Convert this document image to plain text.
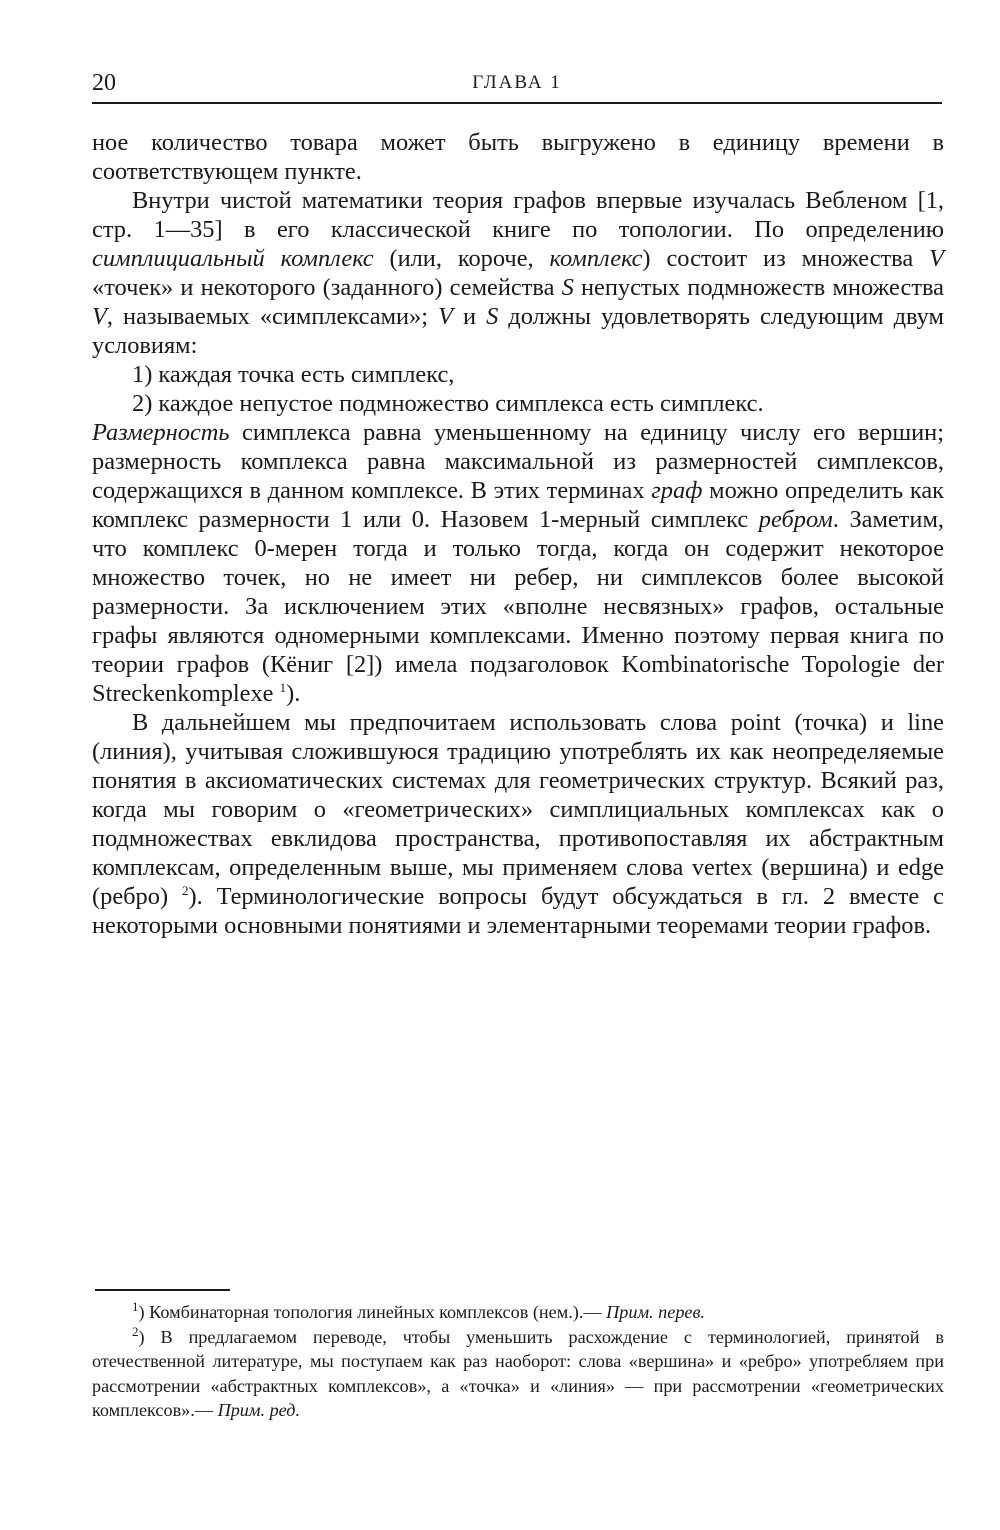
20	ГЛАВА 1

ное количество товара может быть выгружено в единицу времени в соответствующем пункте.

Внутри чистой математики теория графов впервые изучалась Вебленом [1, стр. 1—35] в его классической книге по топологии. По определению симплициальный комплекс (или, короче, комплекс) состоит из множества V «точек» и некоторого (заданного) семейства S непустых подмножеств множества V, называемых «симплексами»; V и S должны удовлетворять следующим двум условиям:

1) каждая точка есть симплекс,

2) каждое непустое подмножество симплекса есть симплекс.

Размерность симплекса равна уменьшенному на единицу числу его вершин; размерность комплекса равна максимальной из размерностей симплексов, содержащихся в данном комплексе. В этих терминах граф можно определить как комплекс размерности 1 или 0. Назовем 1-мерный симплекс ребром. Заметим, что комплекс 0-мерен тогда и только тогда, когда он содержит некоторое множество точек, но не имеет ни ребер, ни симплексов более высокой размерности. За исключением этих «вполне несвязных» графов, остальные графы являются одномерными комплексами. Именно поэтому первая книга по теории графов (Кёниг [2]) имела подзаголовок Kombinatorische Topologie der Streckenkomplexe $^1$).

В дальнейшем мы предпочитаем использовать слова point (точка) и line (линия), учитывая сложившуюся традицию употреблять их как неопределяемые понятия в аксиоматических системах для геометрических структур. Всякий раз, когда мы говорим о «геометрических» симплициальных комплексах как о подмножествах евклидова пространства, противопоставляя их абстрактным комплексам, определенным выше, мы применяем слова vertex (вершина) и edge (ребро) $^2$). Терминологические вопросы будут обсуждаться в гл. 2 вместе с некоторыми основными понятиями и элементарными теоремами теории графов.

$^1$) Комбинаторная топология линейных комплексов (нем.).— Прим. перев.

$^2$) В предлагаемом переводе, чтобы уменьшить расхождение с терминологией, принятой в отечественной литературе, мы поступаем как раз наоборот: слова «вершина» и «ребро» употребляем при рассмотрении «абстрактных комплексов», а «точка» и «линия» — при рассмотрении «геометрических комплексов».— Прим. ред.
